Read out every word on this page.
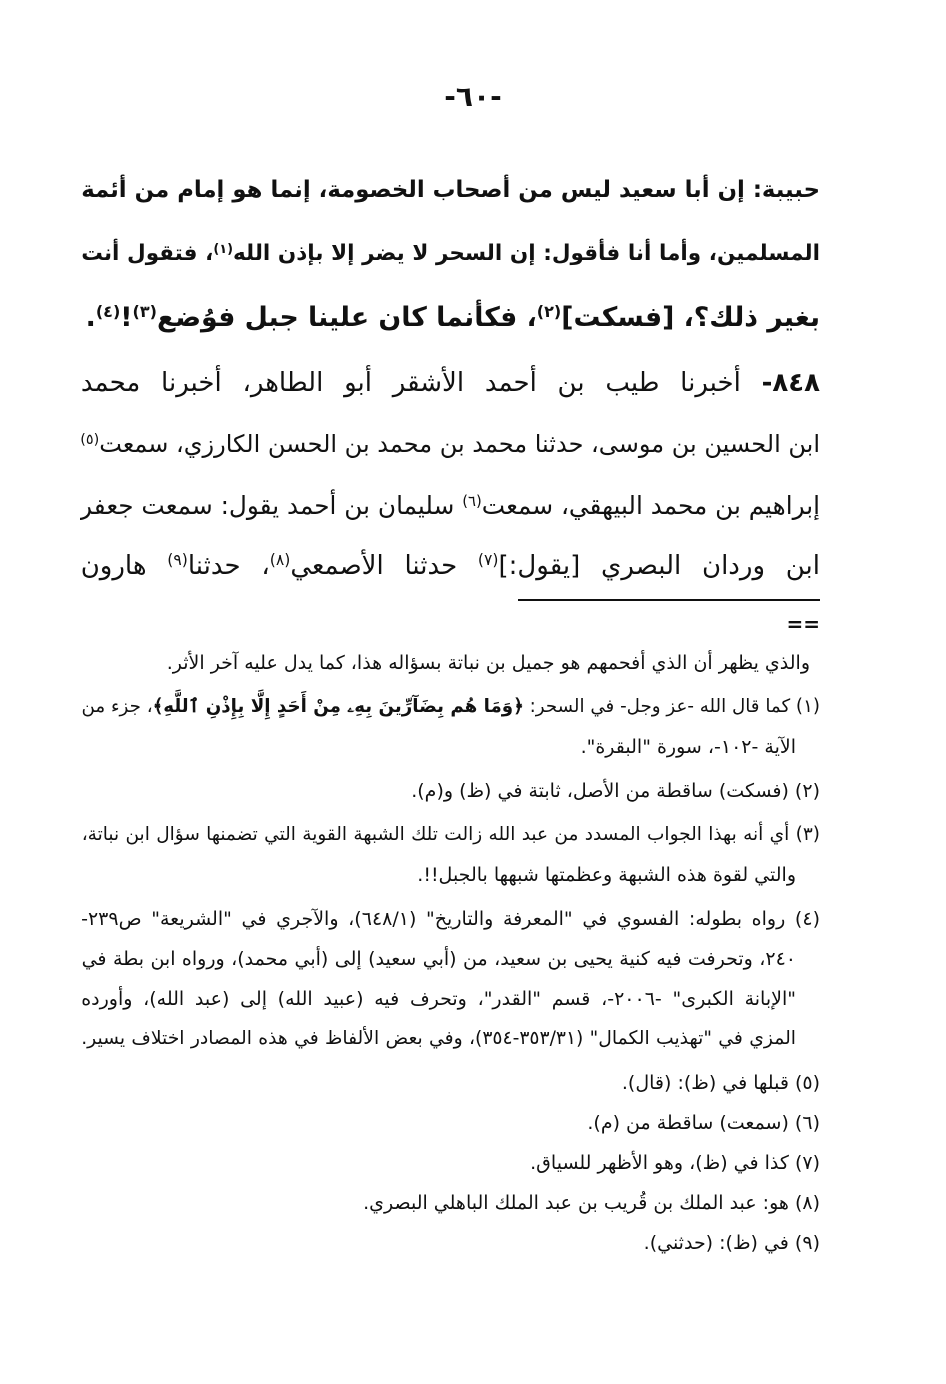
-٦٠-
حبيبة: إن أبا سعيد ليس من أصحاب الخصومة، إنما هو إمام من أئمة
المسلمين، وأما أنا فأقول: إن السحر لا يضر إلا بإذن الله$^{(١)}$، فتقول أنت
بغير ذلك؟، [فسكت]$^{(٢)}$، فكأنما كان علينا جبل فوُضع$^{(٣)}$!$^{(٤)}$.
٨٤٨- أخبرنا طيب بن أحمد الأشقر أبو الطاهر، أخبرنا محمد
ابن الحسين بن موسى، حدثنا محمد بن محمد بن الحسن الكارزي، سمعت$^{(٥)}$
إبراهيم بن محمد البيهقي، سمعت$^{(٦)}$ سليمان بن أحمد يقول: سمعت جعفر
ابن وردان البصري [يقول:]$^{(٧)}$ حدثنا الأصمعي$^{(٨)}$، حدثنا$^{(٩)}$ هارون
==
والذي يظهر أن الذي أفحمهم هو جميل بن نباتة بسؤاله هذا، كما يدل عليه آخر الأثر.
(١) كما قال الله -عز وجل- في السحر: ﴿وَمَا هُم بِضَآرِّينَ بِهِۦ مِنْ أَحَدٍ إِلَّا بِإِذْنِ ٱللَّهِ﴾، جزء من
الآية -١٠٢-، سورة "البقرة".
(٢) (فسكت) ساقطة من الأصل، ثابتة في (ظ) و(م).
(٣) أي أنه بهذا الجواب المسدد من عبد الله زالت تلك الشبهة القوية التي تضمنها سؤال ابن نباتة،
والتي لقوة هذه الشبهة وعظمتها شبهها بالجبل!!.
(٤) رواه بطوله: الفسوي في "المعرفة والتاريخ" (٦٤٨/١)، والآجري في "الشريعة" ص٢٣٩-
٢٤٠، وتحرفت فيه كنية يحيى بن سعيد، من (أبي سعيد) إلى (أبي محمد)، ورواه ابن بطة في
"الإبانة الكبرى" -٢٠٠٦-، قسم "القدر"، وتحرف فيه (عبيد الله) إلى (عبد الله)، وأورده
المزي في "تهذيب الكمال" (٣٥٣/٣١-٣٥٤)، وفي بعض الألفاظ في هذه المصادر اختلاف يسير.
(٥) قبلها في (ظ): (قال).
(٦) (سمعت) ساقطة من (م).
(٧) كذا في (ظ)، وهو الأظهر للسياق.
(٨) هو: عبد الملك بن قُريب بن عبد الملك الباهلي البصري.
(٩) في (ظ): (حدثني).
